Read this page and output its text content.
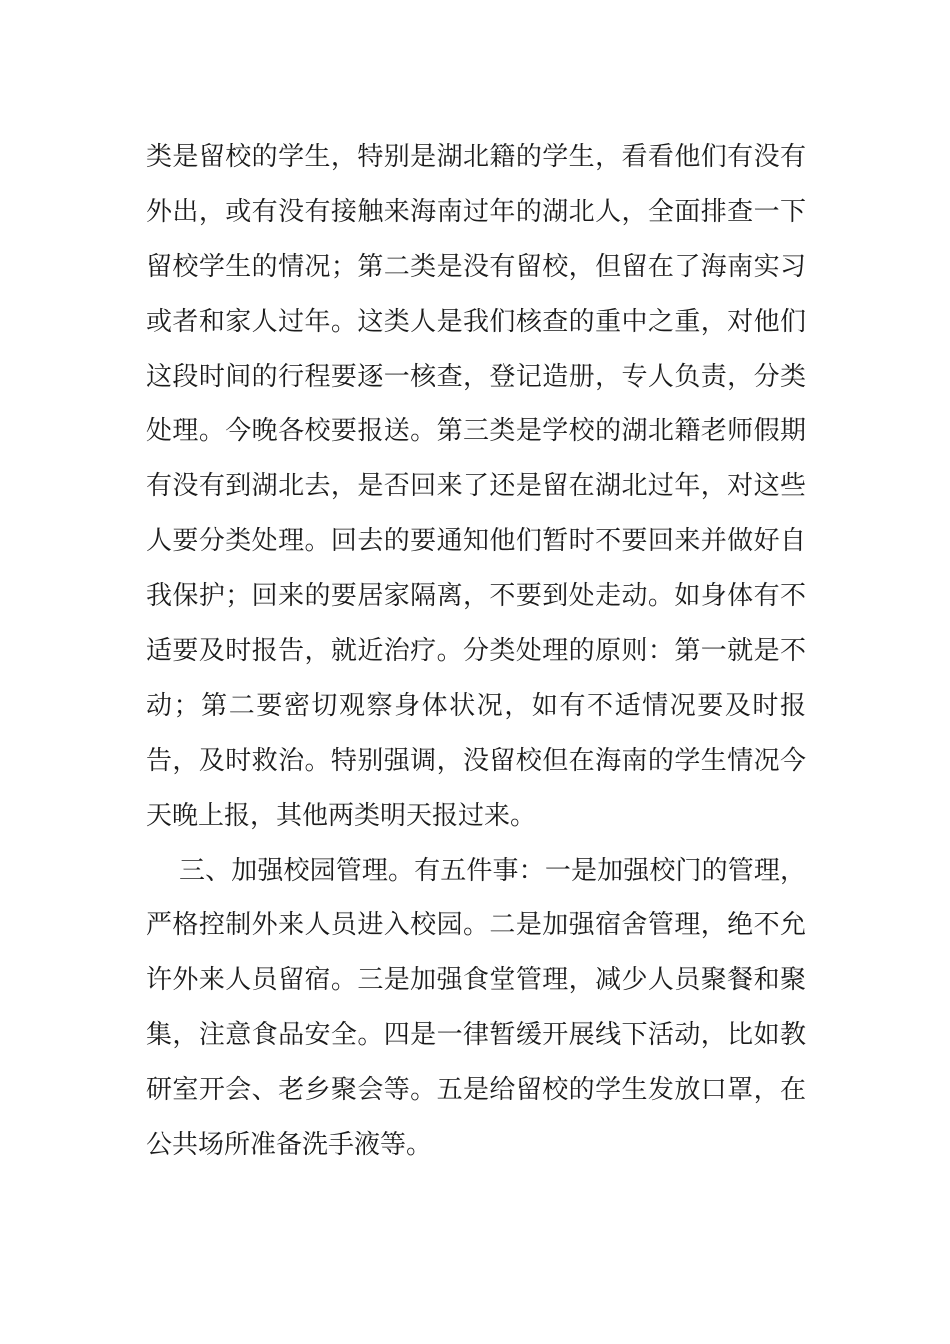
类是留校的学生，特别是湖北籍的学生，看看他们有没有
外出，或有没有接触来海南过年的湖北人，全面排查一下
留校学生的情况；第二类是没有留校，但留在了海南实习
或者和家人过年。这类人是我们核查的重中之重，对他们
这段时间的行程要逐一核查，登记造册，专人负责，分类
处理。今晚各校要报送。第三类是学校的湖北籍老师假期
有没有到湖北去，是否回来了还是留在湖北过年，对这些
人要分类处理。回去的要通知他们暂时不要回来并做好自
我保护；回来的要居家隔离，不要到处走动。如身体有不
适要及时报告，就近治疗。分类处理的原则：第一就是不
动；第二要密切观察身体状况，如有不适情况要及时报
告，及时救治。特别强调，没留校但在海南的学生情况今
天晚上报，其他两类明天报过来。
三、加强校园管理。有五件事：一是加强校门的管理，
严格控制外来人员进入校园。二是加强宿舍管理，绝不允
许外来人员留宿。三是加强食堂管理，减少人员聚餐和聚
集，注意食品安全。四是一律暂缓开展线下活动，比如教
研室开会、老乡聚会等。五是给留校的学生发放口罩，在
公共场所准备洗手液等。
